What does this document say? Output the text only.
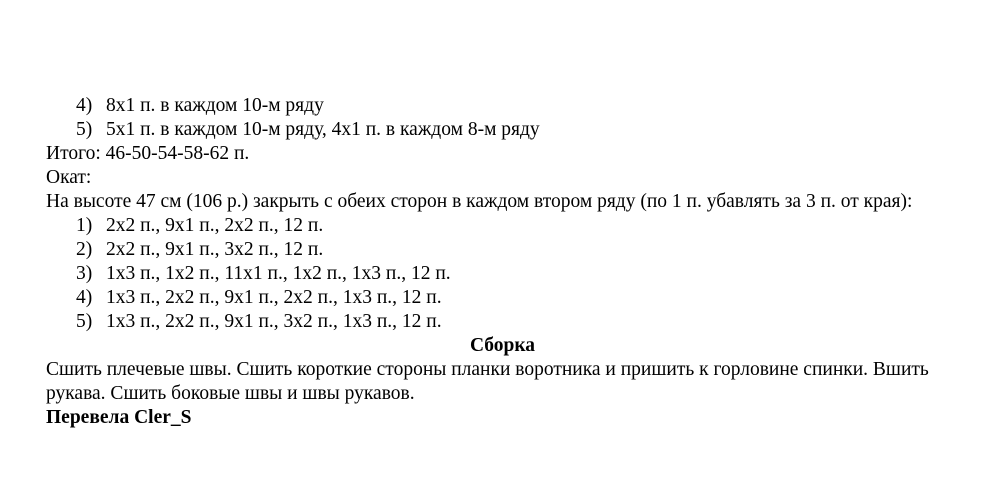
4) 8x1 п. в каждом 10-м ряду
5) 5x1 п. в каждом 10-м ряду, 4x1 п. в каждом 8-м ряду
Итого: 46-50-54-58-62 п.
Окат:
На высоте 47 см (106 р.) закрыть с обеих сторон в каждом втором ряду (по 1 п. убавлять за 3 п. от края):
1) 2x2 п., 9x1 п., 2x2 п., 12 п.
2) 2x2 п., 9x1 п., 3x2 п., 12 п.
3) 1x3 п., 1x2 п., 11x1 п., 1x2 п., 1x3 п., 12 п.
4) 1x3 п., 2x2 п., 9x1 п., 2x2 п., 1x3 п., 12 п.
5) 1x3 п., 2x2 п., 9x1 п., 3x2 п., 1x3 п., 12 п.
Сборка
Сшить плечевые швы. Сшить короткие стороны планки воротника и пришить к горловине спинки. Вшить
рукава. Сшить боковые швы и швы рукавов.
Перевела Cler_S
